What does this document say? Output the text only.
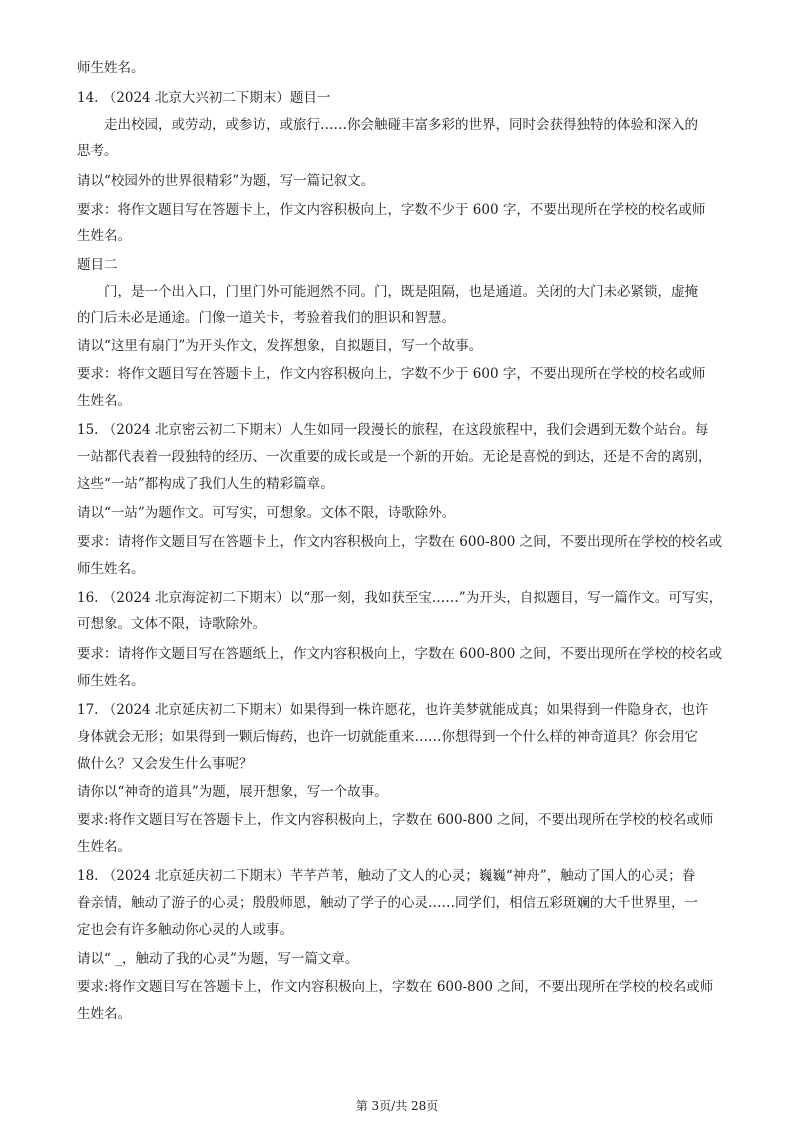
师生姓名。
14. （2024 北京大兴初二下期末）题目一
走出校园，或劳动，或参访，或旅行……你会触碰丰富多彩的世界，同时会获得独特的体验和深入的
思考。
请以“校园外的世界很精彩”为题，写一篇记叙文。
要求：将作文题目写在答题卡上，作文内容积极向上，字数不少于 600 字，不要出现所在学校的校名或师
生姓名。
题目二
门，是一个出入口，门里门外可能迥然不同。门，既是阻隔，也是通道。关闭的大门未必紧锁，虚掩
的门后未必是通途。门像一道关卡，考验着我们的胆识和智慧。
请以“这里有扇门”为开头作文，发挥想象，自拟题目，写一个故事。
要求：将作文题目写在答题卡上，作文内容积极向上，字数不少于 600 字，不要出现所在学校的校名或师
生姓名。
15. （2024 北京密云初二下期末）人生如同一段漫长的旅程，在这段旅程中，我们会遇到无数个站台。每
一站都代表着一段独特的经历、一次重要的成长或是一个新的开始。无论是喜悦的到达，还是不舍的离别，
这些“一站”都构成了我们人生的精彩篇章。
请以“一站”为题作文。可写实，可想象。文体不限，诗歌除外。
要求：请将作文题目写在答题卡上，作文内容积极向上，字数在 600-800 之间，不要出现所在学校的校名或
师生姓名。
16. （2024 北京海淀初二下期末）以“那一刻，我如获至宝……”为开头，自拟题目，写一篇作文。可写实，
可想象。文体不限，诗歌除外。
要求：请将作文题目写在答题纸上，作文内容积极向上，字数在 600-800 之间，不要出现所在学校的校名或
师生姓名。
17. （2024 北京延庆初二下期末）如果得到一株许愿花，也许美梦就能成真；如果得到一件隐身衣，也许
身体就会无形；如果得到一颗后悔药，也许一切就能重来……你想得到一个什么样的神奇道具？你会用它
做什么？又会发生什么事呢？
请你以“神奇的道具”为题，展开想象，写一个故事。
要求:将作文题目写在答题卡上，作文内容积极向上，字数在 600-800 之间，不要出现所在学校的校名或师
生姓名。
18. （2024 北京延庆初二下期末）芊芊芦苇，触动了文人的心灵；巍巍“神舟”，触动了国人的心灵；眷
眷亲情，触动了游子的心灵；殷殷师恩，触动了学子的心灵……同学们，相信五彩斑斓的大千世界里，一
定也会有许多触动你心灵的人或事。
请以“ _，触动了我的心灵”为题，写一篇文章。
要求:将作文题目写在答题卡上，作文内容积极向上，字数在 600-800 之间，不要出现所在学校的校名或师
生姓名。
第 3页/共 28页
